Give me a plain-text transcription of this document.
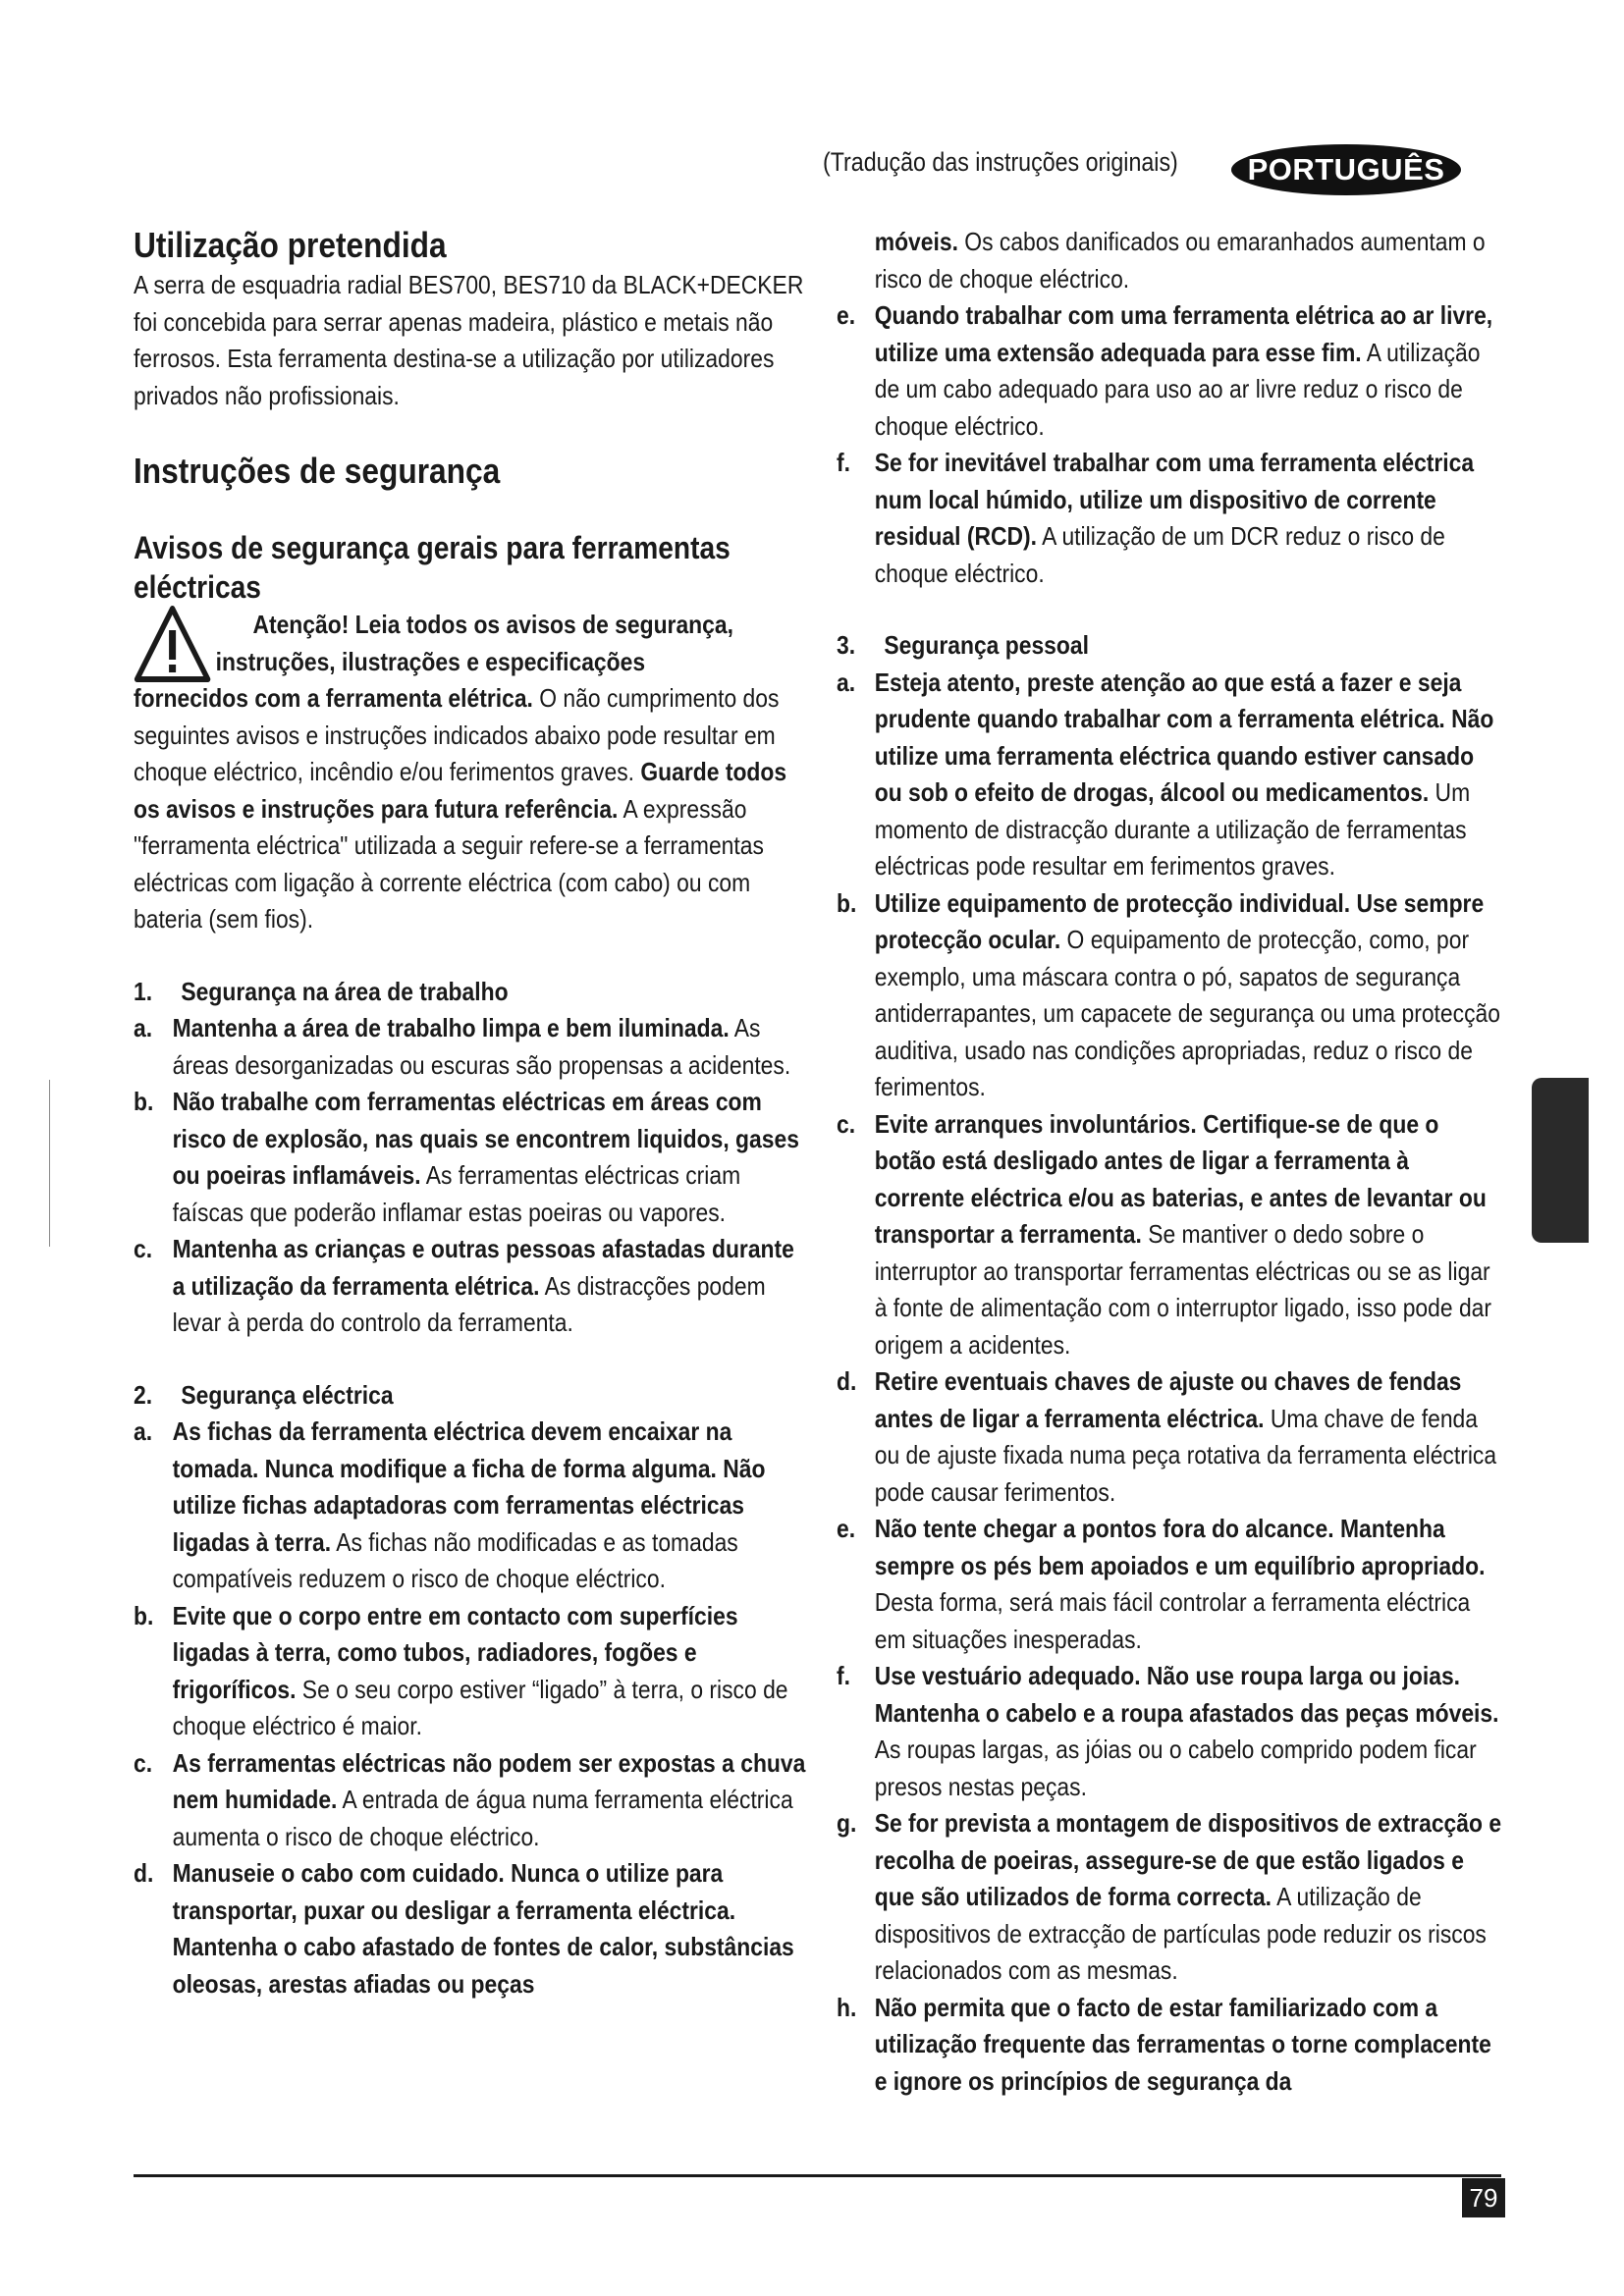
(Tradução das instruções originais)	PORTUGUÊS
Utilização pretendida

A serra de esquadria radial BES700, BES710 da BLACK+DECKER foi concebida para serrar apenas madeira, plástico e metais não ferrosos. Esta ferramenta destina-se a utilização por utilizadores privados não profissionais.

Instruções de segurança
Avisos de segurança gerais para ferramentas eléctricas
Atenção! Leia todos os avisos de segurança,
instruções, ilustrações e especificações

fornecidos com a ferramenta elétrica. O não cumprimento dos seguintes avisos e instruções indicados abaixo pode resultar em choque eléctrico, incêndio e/ou ferimentos graves. Guarde todos os avisos e instruções para futura referência. A expressão "ferramenta eléctrica" utilizada a seguir refere-se a ferramentas eléctricas com ligação à corrente eléctrica (com cabo) ou com bateria (sem fios).

1. Segurança na área de trabalho

a. Mantenha a área de trabalho limpa e bem iluminada. As áreas desorganizadas ou escuras são propensas a acidentes.

b. Não trabalhe com ferramentas eléctricas em áreas com risco de explosão, nas quais se encontrem liquidos, gases ou poeiras inflamáveis. As ferramentas eléctricas criam faíscas que poderão inflamar estas poeiras ou vapores.

c. Mantenha as crianças e outras pessoas afastadas durante a utilização da ferramenta elétrica. As distracções podem levar à perda do controlo da ferramenta.

2. Segurança eléctrica

a. As fichas da ferramenta eléctrica devem encaixar na tomada. Nunca modifique a ficha de forma alguma. Não utilize fichas adaptadoras com ferramentas eléctricas ligadas à terra. As fichas não modificadas e as tomadas compatíveis reduzem o risco de choque eléctrico.

b. Evite que o corpo entre em contacto com superfícies ligadas à terra, como tubos, radiadores, fogões e frigoríficos. Se o seu corpo estiver “ligado” à terra, o risco de choque eléctrico é maior.

c. As ferramentas eléctricas não podem ser expostas a chuva nem humidade. A entrada de água numa ferramenta eléctrica aumenta o risco de choque eléctrico.

d. Manuseie o cabo com cuidado. Nunca o utilize para transportar, puxar ou desligar a ferramenta eléctrica. Mantenha o cabo afastado de fontes de calor, substâncias oleosas, arestas afiadas ou peças

móveis. Os cabos danificados ou emaranhados aumentam o risco de choque eléctrico.

e. Quando trabalhar com uma ferramenta elétrica ao ar livre, utilize uma extensão adequada para esse fim. A utilização de um cabo adequado para uso ao ar livre reduz o risco de choque eléctrico.

f. Se for inevitável trabalhar com uma ferramenta eléctrica num local húmido, utilize um dispositivo de corrente residual (RCD). A utilização de um DCR reduz o risco de choque eléctrico.

3. Segurança pessoal

a. Esteja atento, preste atenção ao que está a fazer e seja prudente quando trabalhar com a ferramenta elétrica. Não utilize uma ferramenta eléctrica quando estiver cansado ou sob o efeito de drogas, álcool ou medicamentos. Um momento de distracção durante a utilização de ferramentas eléctricas pode resultar em ferimentos graves.

b. Utilize equipamento de protecção individual. Use sempre protecção ocular. O equipamento de protecção, como, por exemplo, uma máscara contra o pó, sapatos de segurança antiderrapantes, um capacete de segurança ou uma protecção auditiva, usado nas condições apropriadas, reduz o risco de ferimentos.

c. Evite arranques involuntários. Certifique-se de que o botão está desligado antes de ligar a ferramenta à corrente eléctrica e/ou as baterias, e antes de levantar ou transportar a ferramenta. Se mantiver o dedo sobre o interruptor ao transportar ferramentas eléctricas ou se as ligar à fonte de alimentação com o interruptor ligado, isso pode dar origem a acidentes.

d. Retire eventuais chaves de ajuste ou chaves de fendas antes de ligar a ferramenta eléctrica. Uma chave de fenda ou de ajuste fixada numa peça rotativa da ferramenta eléctrica pode causar ferimentos.

e. Não tente chegar a pontos fora do alcance. Mantenha sempre os pés bem apoiados e um equilíbrio apropriado. Desta forma, será mais fácil controlar a ferramenta eléctrica em situações inesperadas.

f. Use vestuário adequado. Não use roupa larga ou joias. Mantenha o cabelo e a roupa afastados das peças móveis. As roupas largas, as jóias ou o cabelo comprido podem ficar presos nestas peças.

g. Se for prevista a montagem de dispositivos de extracção e recolha de poeiras, assegure-se de que estão ligados e que são utilizados de forma correcta. A utilização de dispositivos de extracção de partículas pode reduzir os riscos relacionados com as mesmas.

h. Não permita que o facto de estar familiarizado com a utilização frequente das ferramentas o torne complacente e ignore os princípios de segurança da

79
